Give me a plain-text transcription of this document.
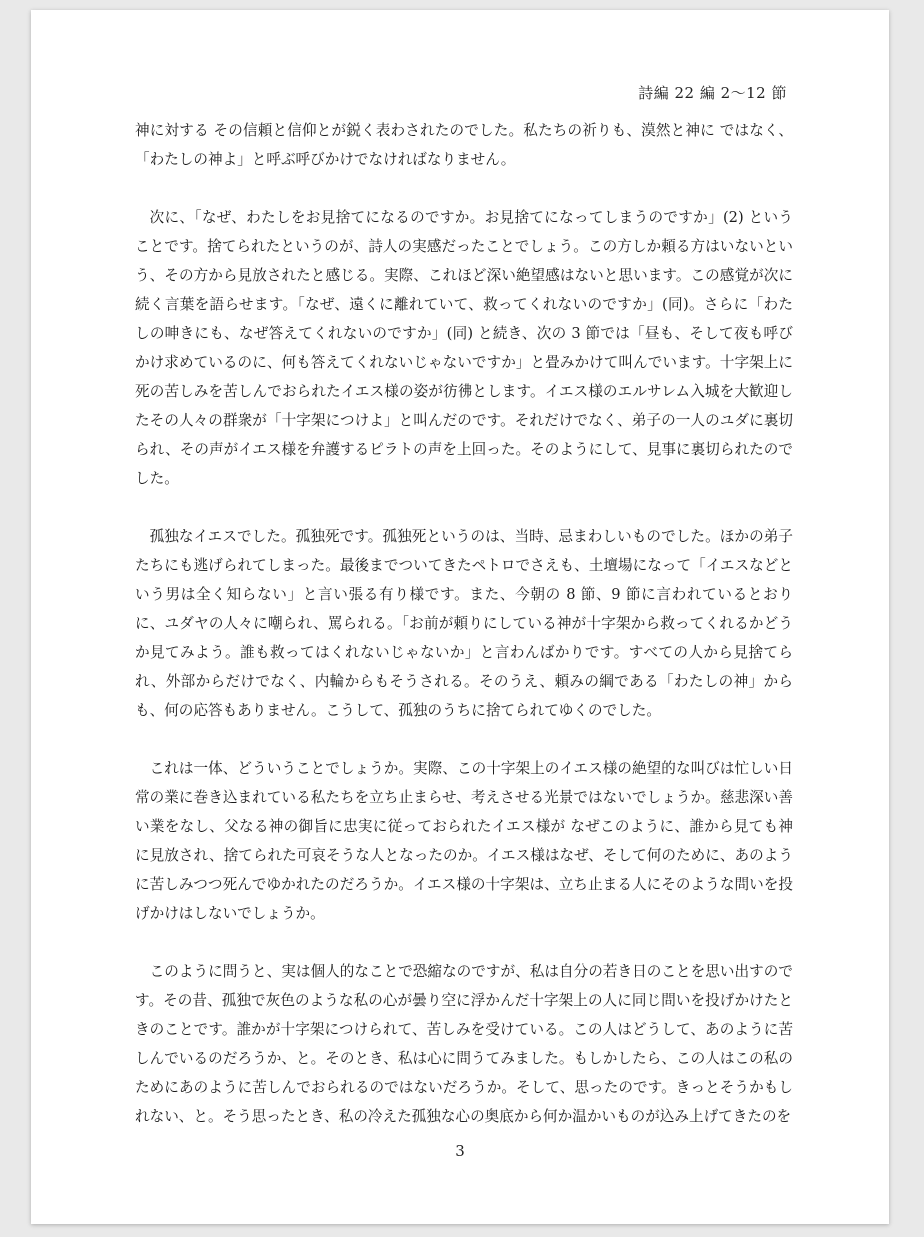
詩編 22 編 2〜12 節

神に対する その信頼と信仰とが鋭く表わされたのでした。私たちの祈りも、漠然と神に ではなく、「わたしの神よ」と呼ぶ呼びかけでなければなりません。

次に、「なぜ、わたしをお見捨てになるのですか。お見捨てになってしまうのですか」(2) ということです。捨てられたというのが、詩人の実感だったことでしょう。この方しか頼る方はいないという、その方から見放されたと感じる。実際、これほど深い絶望感はないと思います。この感覚が次に続く言葉を語らせます。「なぜ、遠くに離れていて、救ってくれないのですか」(同)。さらに「わたしの呻きにも、なぜ答えてくれないのですか」(同) と続き、次の 3 節では「昼も、そして夜も呼びかけ求めているのに、何も答えてくれないじゃないですか」と畳みかけて叫んでいます。十字架上に死の苦しみを苦しんでおられたイエス様の姿が彷彿とします。イエス様のエルサレム入城を大歓迎したその人々の群衆が「十字架につけよ」と叫んだのです。それだけでなく、弟子の一人のユダに裏切られ、その声がイエス様を弁護するピラトの声を上回った。そのようにして、見事に裏切られたのでした。

孤独なイエスでした。孤独死です。孤独死というのは、当時、忌まわしいものでした。ほかの弟子たちにも逃げられてしまった。最後までついてきたペトロでさえも、土壇場になって「イエスなどという男は全く知らない」と言い張る有り様です。また、今朝の 8 節、9 節に言われているとおりに、ユダヤの人々に嘲られ、罵られる。「お前が頼りにしている神が十字架から救ってくれるかどうか見てみよう。誰も救ってはくれないじゃないか」と言わんばかりです。すべての人から見捨てられ、外部からだけでなく、内輪からもそうされる。そのうえ、頼みの綱である「わたしの神」からも、何の応答もありません。こうして、孤独のうちに捨てられてゆくのでした。

これは一体、どういうことでしょうか。実際、この十字架上のイエス様の絶望的な叫びは忙しい日常の業に巻き込まれている私たちを立ち止まらせ、考えさせる光景ではないでしょうか。慈悲深い善い業をなし、父なる神の御旨に忠実に従っておられたイエス様が なぜこのように、誰から見ても神に見放され、捨てられた可哀そうな人となったのか。イエス様はなぜ、そして何のために、あのように苦しみつつ死んでゆかれたのだろうか。イエス様の十字架は、立ち止まる人にそのような問いを投げかけはしないでしょうか。

このように問うと、実は個人的なことで恐縮なのですが、私は自分の若き日のことを思い出すのです。その昔、孤独で灰色のような私の心が曇り空に浮かんだ十字架上の人に同じ問いを投げかけたときのことです。誰かが十字架につけられて、苦しみを受けている。この人はどうして、あのように苦しんでいるのだろうか、と。そのとき、私は心に問うてみました。もしかしたら、この人はこの私のためにあのように苦しんでおられるのではないだろうか。そして、思ったのです。きっとそうかもしれない、と。そう思ったとき、私の冷えた孤独な心の奥底から何か温かいものが込み上げてきたのを

3
